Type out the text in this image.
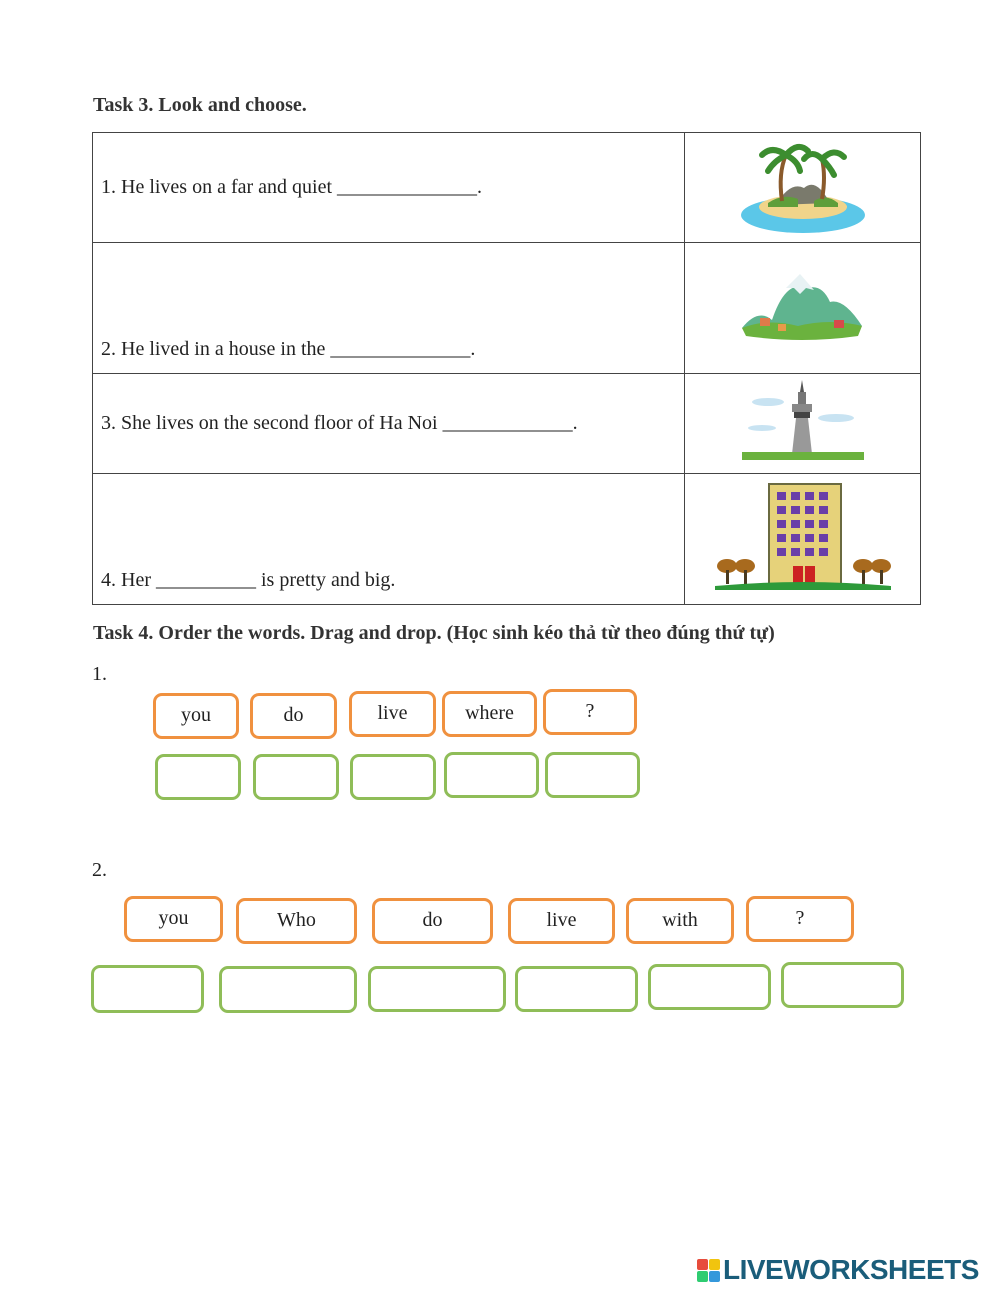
Task 3. Look and choose.
1. He lives on a far and quiet ______________.	
2. He lived in a house in the ______________.	
3. She lives on the second floor of Ha Noi _____________.	
4. Her __________ is pretty and big.	
Task 4. Order the words. Drag and drop. (Học sinh kéo thả từ theo đúng thứ tự)
1.
you	do	live	where	?
2.
you	Who	do	live	with	?
LIVEWORKSHEETS
